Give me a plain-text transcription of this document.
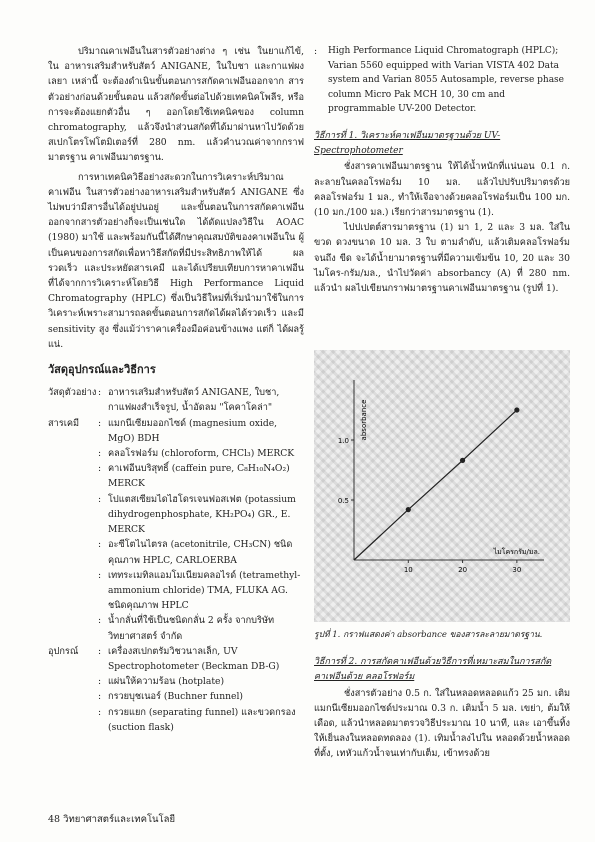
ปริมาณคาเฟอีนในสารตัวอย่างต่าง ๆ เช่น ในยาแก้ไข้, ใน อาหารเสริมสำหรับสัตว์ ANIGANE, ในใบชา และกาแฟผง เลยา เหล่านี้ จะต้องดำเนินขั้นตอนการสกัดคาเฟอีนออกจาก สารตัวอย่างก่อนด้วยขั้นตอน แล้วสกัดขั้นต่อไปด้วยเทคนิคโพลีร, หรือการจะต้องแยกตัวอื่น ๆ ออกโดยใช้เทคนิคของ column chromatography, แล้วจึงนำส่วนสกัดที่ได้มาผ่านหาไปวัดด้วย สเปกโตรโฟโตมิเตอร์ที่ 280 nm. แล้วคำนวณค่าจากกราฟมาตรฐาน คาเฟอีนมาตรฐาน.

การหาเทคนิควิธีอย่างสะดวกในการวิเคราะห์ปริมาณคาเฟอีน ในสารตัวอย่างอาหารเสริมสำหรับสัตว์ ANIGANE ซึ่งไม่พบว่ามีสารอื่นได้อยู่ปนอยู่ และขั้นตอนในการสกัดคาเฟอีน ออกจากสารตัวอย่างก็จะเป็นเช่นใด ได้ดัดแปลงวิธีใน AOAC (1980) มาใช้ และพร้อมกันนี้ได้ศึกษาคุณสมบัติของคาเฟอีนใน ผู้เป็นคนของการสกัดเพื่อหาวิธีสกัดที่มีประสิทธิภาพให้ได้ ผลรวดเร็ว และประหยัดสารเคมี และได้เปรียบเทียบการหาคาเฟอีน ที่ได้จากการวิเคราะห์โดยวิธี High Performance Liquid Chromatography (HPLC) ซึ่งเป็นวิธีใหม่ที่เริ่มนำมาใช้ในการ วิเคราะห์เพราะสามารถลดขั้นตอนการสกัดได้ผลได้รวดเร็ว และมี sensitivity สูง ซึ่งแม้ว่าราคาเครื่องมือค่อนข้างแพง แต่ก็ ได้ผลรู้แน่.

วัสดุอุปกรณ์และวิธีการ
วัสดุตัวอย่าง : อาหารเสริมสำหรับสัตว์ ANIGANE, ใบชา, กาแฟผงสำเร็จรูป, น้ำอัดลม "โคคาโคล่า"
สารเคมี	: แมกนีเซียมออกไซด์ (magnesium oxide, MgO) BDH
: คลอโรฟอร์ม (chloroform, CHCl₃) MERCK
: คาเฟอีนบริสุทธิ์ (caffein pure, C₈H₁₀N₄O₂) MERCK
: โปแตสเซียมไดไฮโดรเจนฟอสเฟต (potassium dihydrogenphosphate, KH₂PO₄) GR., E. MERCK
: อะซีโตไนไตรล (acetonitrile, CH₃CN) ชนิด คุณภาพ HPLC, CARLOERBA
: เททระเมทิลแอมโมเนียมคลอไรด์ (tetramethyl-ammonium chloride) TMA, FLUKA AG. ชนิดคุณภาพ HPLC
: น้ำกลั่นที่ใช้เป็นชนิดกลั่น 2 ครั้ง จากบริษัท วิทยาศาสตร์ จำกัด
อุปกรณ์	: เครื่องสเปกตรัมวิชวนาลเล็ก, UV Spectrophotometer (Beckman DB-G)
: แผ่นให้ความร้อน (hotplate)
: กรวยบุชเนอร์ (Buchner funnel)
: กรวยแยก (separating funnel) และขวดกรอง (suction flask)
:	High Performance Liquid Chromatograph (HPLC); Varian 5560 equipped with Varian VISTA 402 Data system and Varian 8055 Autosample, reverse phase column Micro Pak MCH 10, 30 cm and programmable UV-200 Detector.
วิธีการที่ 1. วิเคราะห์คาเฟอีนมาตรฐานด้วย UV-Spectrophotometer

ชั่งสารคาเฟอีนมาตรฐาน ให้ได้น้ำหนักที่แน่นอน 0.1 ก. ละลายในคลอโรฟอร์ม 10 มล. แล้วไปปรับปริมาตรด้วยคลอโรฟอร์ม 1 มล., ทำให้เจือจางด้วยคลอโรฟอร์มเป็น 100 มก. (10 มก./100 มล.) เรียกว่าสารมาตรฐาน (1).

ไปปเปตต์สารมาตรฐาน (1) มา 1, 2 และ 3 มล. ใส่ในขวด ดวงขนาด 10 มล. 3 ใบ ตามลำดับ, แล้วเติมคลอโรฟอร์มจนถึง ขีด จะได้น้ำยามาตรฐานที่มีความเข้มข้น 10, 20 และ 30 ไมโคร-กรัม/มล., นำไปวัดค่า absorbancy (A) ที่ 280 nm. แล้วนำ ผลไปเขียนกราฟมาตรฐานคาเฟอีนมาตรฐาน (รูปที่ 1).

10	20	30
0.5
1.0
absorbance
ไมโครกรัม/มล.
รูปที่ 1. กราฟแสดงค่า absorbance ของสารละลายมาตรฐาน.
วิธีการที่ 2. การสกัดคาเฟอีนด้วยวิธีการที่เหมาะสมในการสกัดคาเฟอีนด้วย คลอโรฟอร์ม

ชั่งสารตัวอย่าง 0.5 ก. ใส่ในหลอดหลอดแก้ว 25 มก. เติมแมกนีเซียมออกไซด์ประมาณ 0.3 ก. เติมน้ำ 5 มล. เขย่า, ต้มให้เดือด, แล้วนำหลอดมาตรวจวิธีประมาณ 10 นาที, และ เอาขึ้นทิ้งให้เย็นลงในหลอดทดลอง (1). เทิมน้ำลงไปใน หลอดด้วยน้ำหลอดที่ตั้ง, เทหัวแก้วน้ำจนเท่ากับเต็ม, เข้าทรงด้วย

48 วิทยาศาสตร์และเทคโนโลยี
